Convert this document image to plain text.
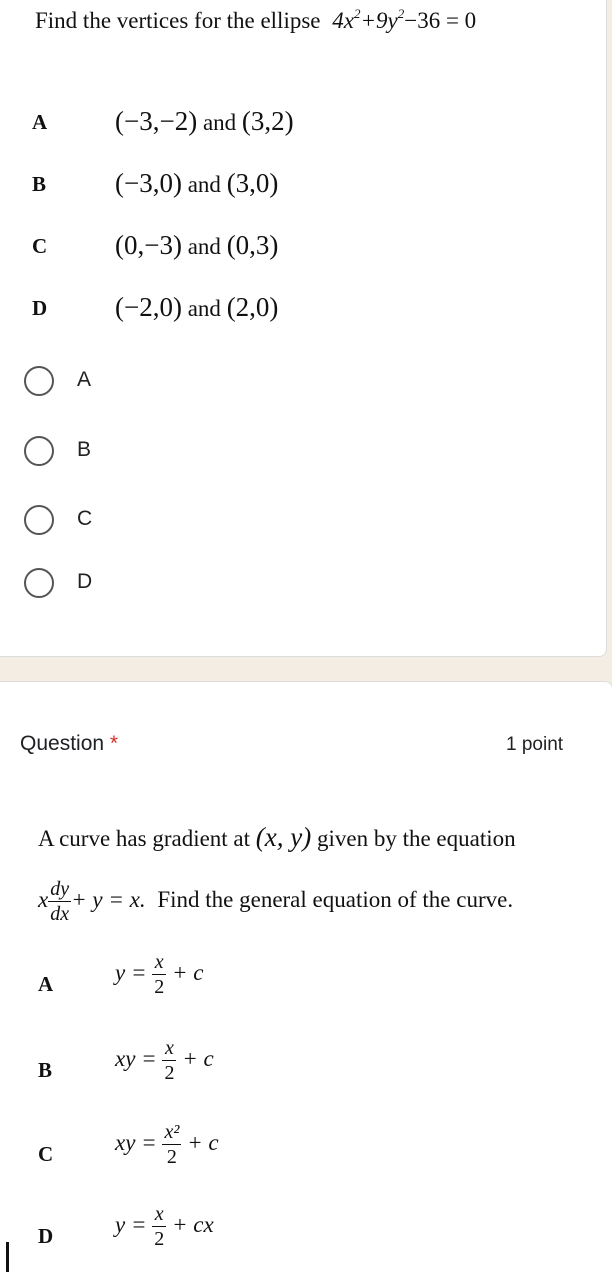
Find the vertices for the ellipse $4x^2+9y^2-36 = 0$
A	(−3,−2) and (3,2)
B	(−3,0) and (3,0)
C	(0,−3) and (0,3)
D	(−2,0) and (2,0)
A
B
C
D
Question *	1 point
A curve has gradient at (x, y) given by the equation
x $\frac{dy}{dx} + y = x$. Find the general equation of the curve.
A	$y = \frac{x}{2} + c$
B	xy = $\frac{x}{2} + c$
C	xy = $\frac{\text{x²}}{2} + c$
D	$y = \frac{x}{2}$ + cx
